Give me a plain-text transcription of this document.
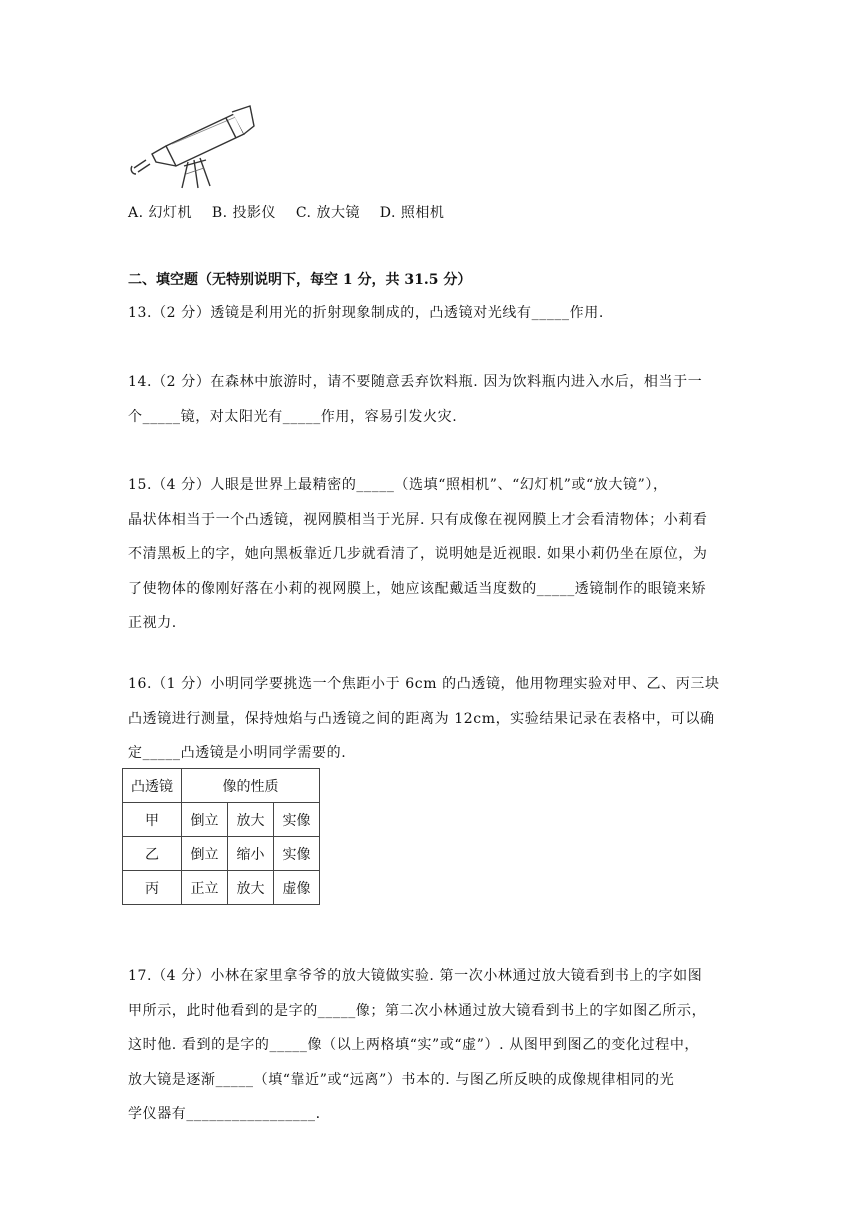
A. 幻灯机 B. 投影仪 C. 放大镜 D. 照相机
二、填空题（无特别说明下，每空 1 分，共 31.5 分）
13.（2 分）透镜是利用光的折射现象制成的，凸透镜对光线有_____作用.
14.（2 分）在森林中旅游时，请不要随意丢弃饮料瓶. 因为饮料瓶内进入水后，相当于一
个_____镜，对太阳光有_____作用，容易引发火灾.
15.（4 分）人眼是世界上最精密的_____（选填“照相机”、“幻灯机”或“放大镜”），
晶状体相当于一个凸透镜，视网膜相当于光屏. 只有成像在视网膜上才会看清物体；小莉看
不清黑板上的字，她向黑板靠近几步就看清了，说明她是近视眼. 如果小莉仍坐在原位，为
了使物体的像刚好落在小莉的视网膜上，她应该配戴适当度数的_____透镜制作的眼镜来矫
正视力.
16.（1 分）小明同学要挑选一个焦距小于 6cm 的凸透镜，他用物理实验对甲、乙、丙三块
凸透镜进行测量，保持烛焰与凸透镜之间的距离为 12cm，实验结果记录在表格中，可以确
定_____凸透镜是小明同学需要的.
凸透镜	像的性质		
甲	倒立	放大	实像
乙	倒立	缩小	实像
丙	正立	放大	虚像
17.（4 分）小林在家里拿爷爷的放大镜做实验. 第一次小林通过放大镜看到书上的字如图
甲所示，此时他看到的是字的_____像；第二次小林通过放大镜看到书上的字如图乙所示，
这时他. 看到的是字的_____像（以上两格填“实”或“虚”）. 从图甲到图乙的变化过程中，
放大镜是逐渐_____（填“靠近”或“远离”）书本的. 与图乙所反映的成像规律相同的光
学仪器有_________________.
